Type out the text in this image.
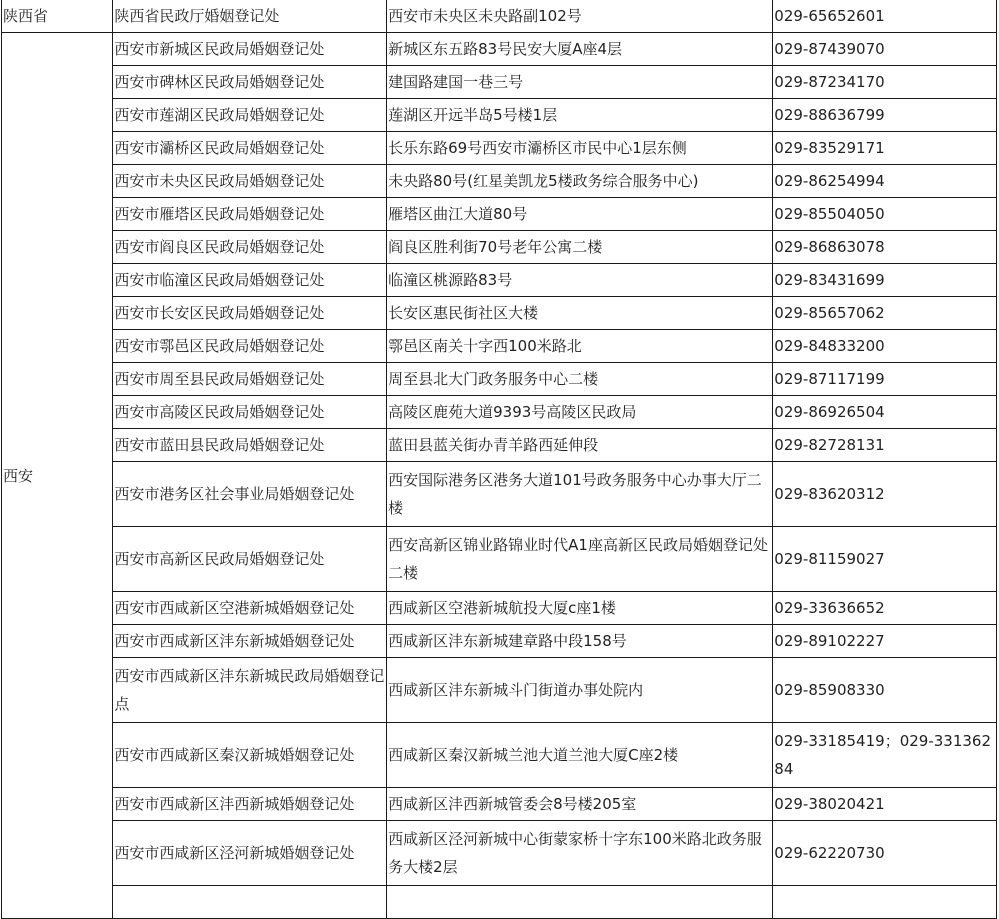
陕西省	陕西省民政厅婚姻登记处	西安市未央区未央路副102号	029-65652601
西安	西安市新城区民政局婚姻登记处	新城区东五路83号民安大厦A座4层	029-87439070
	西安市碑林区民政局婚姻登记处	建国路建国一巷三号	029-87234170
	西安市莲湖区民政局婚姻登记处	莲湖区开远半岛5号楼1层	029-88636799
	西安市灞桥区民政局婚姻登记处	长乐东路69号西安市灞桥区市民中心1层东侧	029-83529171
	西安市未央区民政局婚姻登记处	未央路80号(红星美凯龙5楼政务综合服务中心)	029-86254994
	西安市雁塔区民政局婚姻登记处	雁塔区曲江大道80号	029-85504050
	西安市阎良区民政局婚姻登记处	阎良区胜利街70号老年公寓二楼	029-86863078
	西安市临潼区民政局婚姻登记处	临潼区桃源路83号	029-83431699
	西安市长安区民政局婚姻登记处	长安区惠民街社区大楼	029-85657062
	西安市鄠邑区民政局婚姻登记处	鄠邑区南关十字西100米路北	029-84833200
	西安市周至县民政局婚姻登记处	周至县北大门政务服务中心二楼	029-87117199
	西安市高陵区民政局婚姻登记处	高陵区鹿苑大道9393号高陵区民政局	029-86926504
	西安市蓝田县民政局婚姻登记处	蓝田县蓝关街办青羊路西延伸段	029-82728131
	西安市港务区社会事业局婚姻登记处	西安国际港务区港务大道101号政务服务中心办事大厅二楼	029-83620312
	西安市高新区民政局婚姻登记处	西安高新区锦业路锦业时代A1座高新区民政局婚姻登记处二楼	029-81159027
	西安市西咸新区空港新城婚姻登记处	西咸新区空港新城航投大厦c座1楼	029-33636652
	西安市西咸新区沣东新城婚姻登记处	西咸新区沣东新城建章路中段158号	029-89102227
	西安市西咸新区沣东新城民政局婚姻登记点	西咸新区沣东新城斗门街道办事处院内	029-85908330
	西安市西咸新区秦汉新城婚姻登记处	西咸新区秦汉新城兰池大道兰池大厦C座2楼	029-33185419；029-33136284
	西安市西咸新区沣西新城婚姻登记处	西咸新区沣西新城管委会8号楼205室	029-38020421
	西安市西咸新区泾河新城婚姻登记处	西咸新区泾河新城中心街蒙家桥十字东100米路北政务服务大楼2层	029-62220730
